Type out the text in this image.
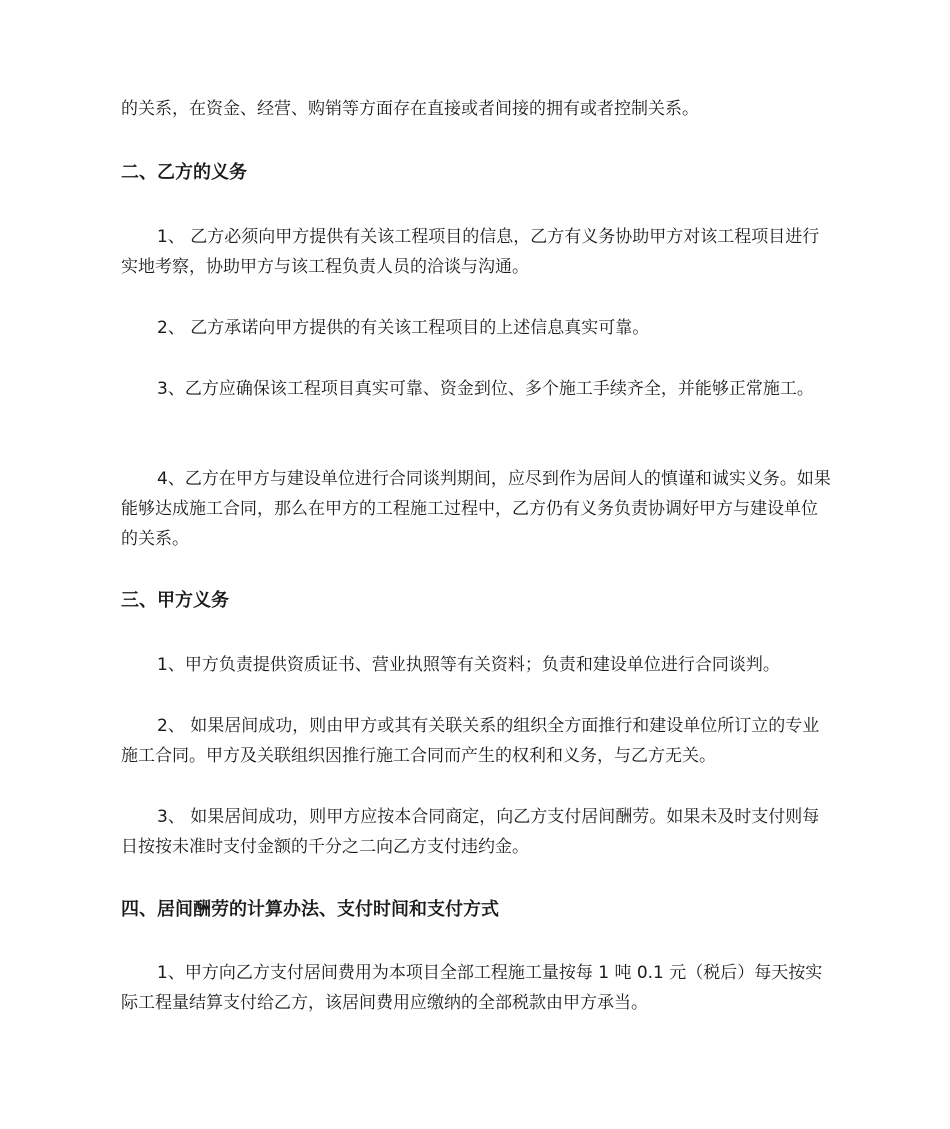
的关系，在资金、经营、购销等方面存在直接或者间接的拥有或者控制关系。

二、乙方的义务

1、 乙方必须向甲方提供有关该工程项目的信息，乙方有义务协助甲方对该工程项目进行实地考察，协助甲方与该工程负责人员的洽谈与沟通。

2、 乙方承诺向甲方提供的有关该工程项目的上述信息真实可靠。

3、乙方应确保该工程项目真实可靠、资金到位、多个施工手续齐全，并能够正常施工。

4、乙方在甲方与建设单位进行合同谈判期间，应尽到作为居间人的慎谨和诚实义务。如果能够达成施工合同，那么在甲方的工程施工过程中，乙方仍有义务负责协调好甲方与建设单位的关系。

三、甲方义务

1、甲方负责提供资质证书、营业执照等有关资料；负责和建设单位进行合同谈判。

2、 如果居间成功，则由甲方或其有关联关系的组织全方面推行和建设单位所订立的专业施工合同。甲方及关联组织因推行施工合同而产生的权利和义务，与乙方无关。

3、 如果居间成功，则甲方应按本合同商定，向乙方支付居间酬劳。如果未及时支付则每日按按未准时支付金额的千分之二向乙方支付违约金。

四、居间酬劳的计算办法、支付时间和支付方式

1、甲方向乙方支付居间费用为本项目全部工程施工量按每 1 吨 0.1 元（税后）每天按实际工程量结算支付给乙方，该居间费用应缴纳的全部税款由甲方承当。
